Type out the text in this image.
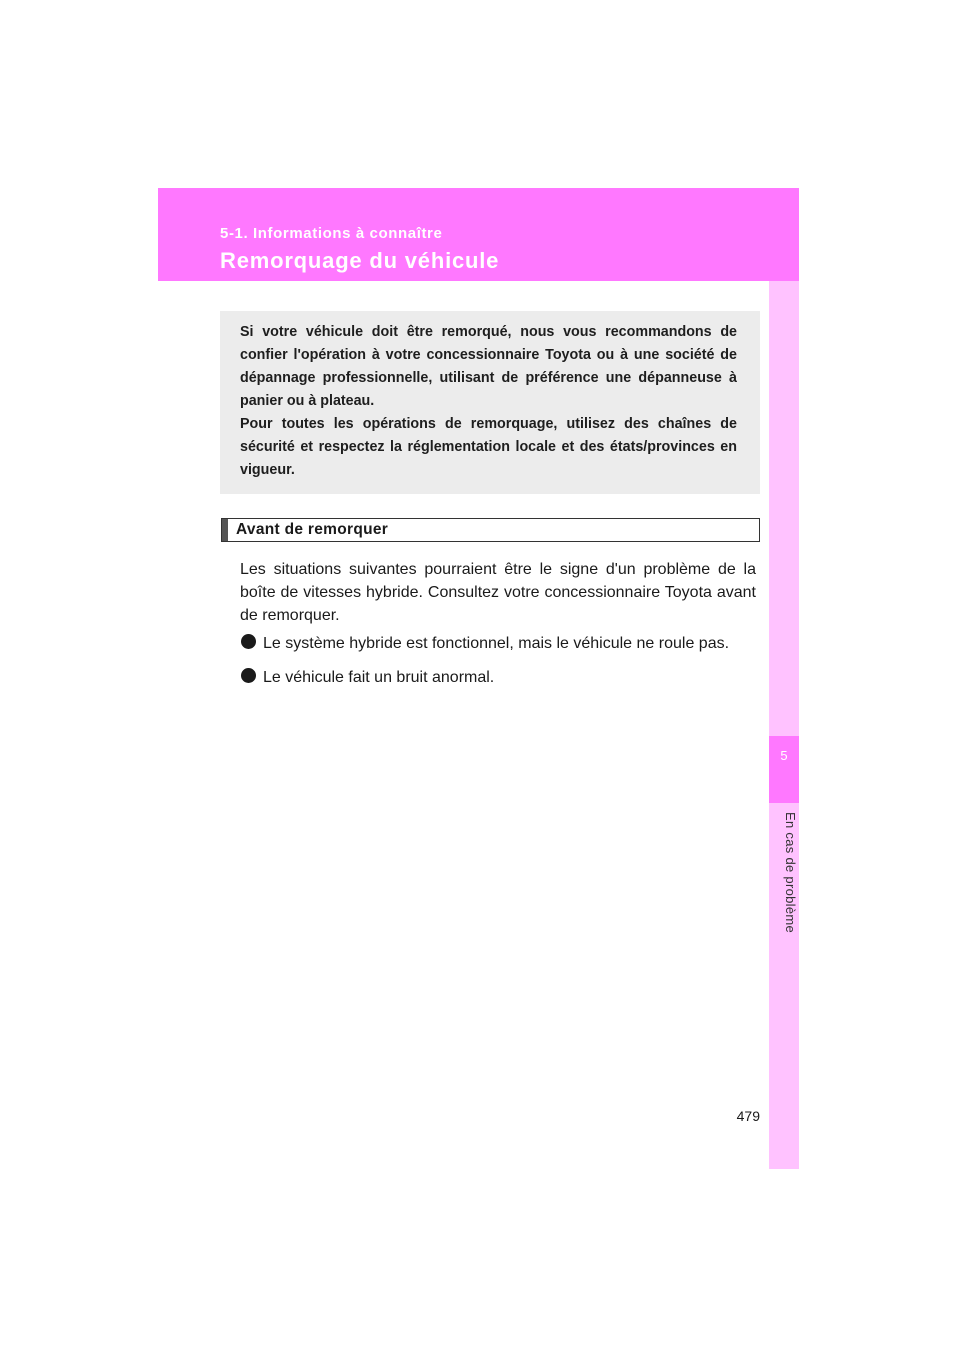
5-1. Informations à connaître
Remorquage du véhicule
5
En cas de problème

Si votre véhicule doit être remorqué, nous vous recommandons de confier l'opération à votre concessionnaire Toyota ou à une société de dépannage professionnelle, utilisant de préférence une dépanneuse à panier ou à plateau.

Pour toutes les opérations de remorquage, utilisez des chaînes de sécurité et respectez la réglementation locale et des états/provinces en vigueur.

Avant de remorquer

Les situations suivantes pourraient être le signe d'un problème de la boîte de vitesses hybride. Consultez votre concessionnaire Toyota avant de remorquer.

Le système hybride est fonctionnel, mais le véhicule ne roule pas.
Le véhicule fait un bruit anormal.
479
